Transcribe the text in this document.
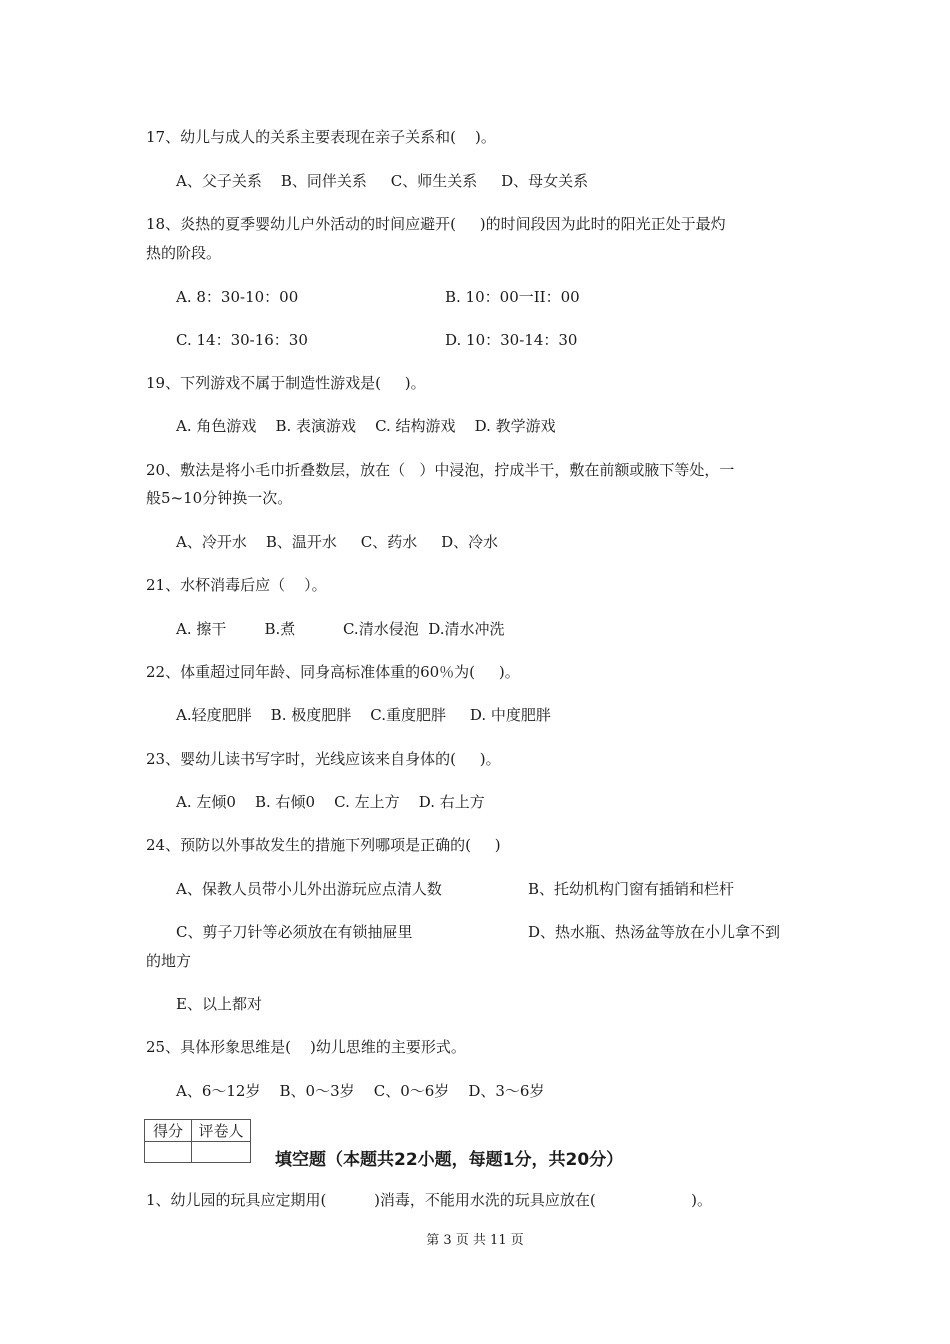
17、幼儿与成人的关系主要表现在亲子关系和(    )。
A、父子关系    B、同伴关系     C、师生关系     D、母女关系
18、炎热的夏季婴幼儿户外活动的时间应避开(     )的时间段因为此时的阳光正处于最灼
热的阶段。
A. 8：30-10：00	B. 10：00一II：00
C. 14：30-16：30	D. 10：30-14：30
19、下列游戏不属于制造性游戏是(     )。
A. 角色游戏    B. 表演游戏    C. 结构游戏    D. 教学游戏
20、敷法是将小毛巾折叠数层，放在（   ）中浸泡，拧成半干，敷在前额或腋下等处，一
般5~10分钟换一次。
A、冷开水    B、温开水     C、药水     D、冷水
21、水杯消毒后应（    ）。
A. 擦干        B.煮          C.清水侵泡  D.清水冲洗
22、体重超过同年龄、同身高标准体重的60％为(     )。
A.轻度肥胖    B. 极度肥胖    C.重度肥胖     D. 中度肥胖
23、婴幼儿读书写字时，光线应该来自身体的(     )。
A. 左倾0    B. 右倾0    C. 左上方    D. 右上方
24、预防以外事故发生的措施下列哪项是正确的(     )
A、保教人员带小儿外出游玩应点清人数	B、托幼机构门窗有插销和栏杆
C、剪子刀针等必须放在有锁抽屉里	D、热水瓶、热汤盆等放在小儿拿不到
的地方
E、以上都对
25、具体形象思维是(    )幼儿思维的主要形式。
A、6～12岁    B、0～3岁    C、0～6岁    D、3～6岁
得分	评卷人

填空题（本题共22小题，每题1分，共20分）
1、幼儿园的玩具应定期用(          )消毒，不能用水洗的玩具应放在(                    )。
第 3 页 共 11 页
